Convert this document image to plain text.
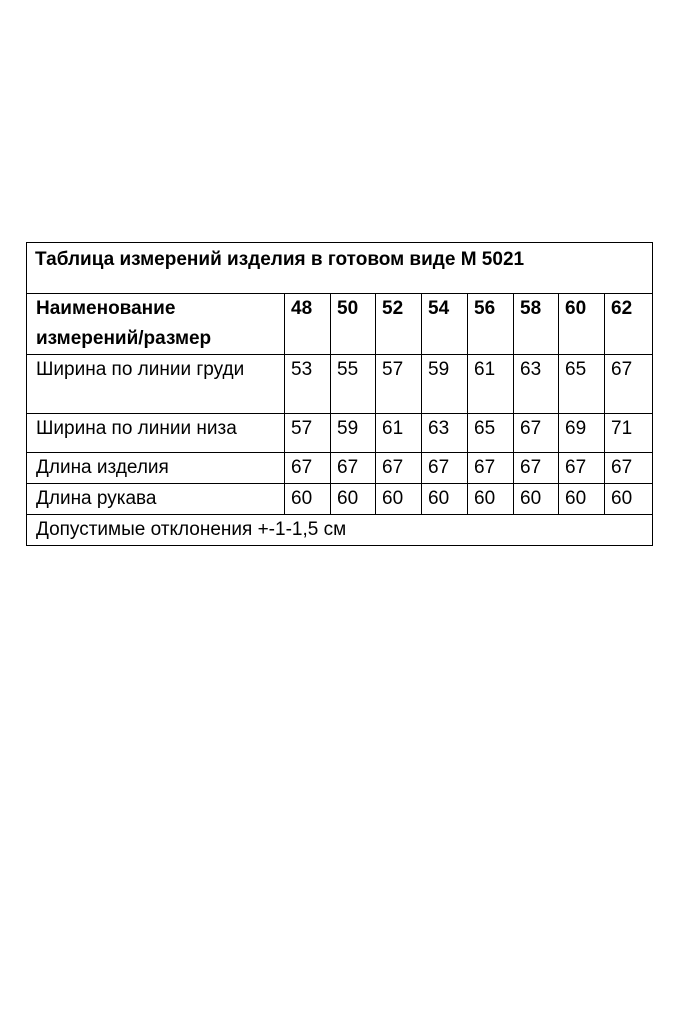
Таблица измерений изделия в готовом виде М 5021								
Наименование измерений/размер	48	50	52	54	56	58	60	62
Ширина по линии груди	53	55	57	59	61	63	65	67
Ширина по линии низа	57	59	61	63	65	67	69	71
Длина изделия	67	67	67	67	67	67	67	67
Длина рукава	60	60	60	60	60	60	60	60
Допустимые отклонения +-1-1,5 см								
